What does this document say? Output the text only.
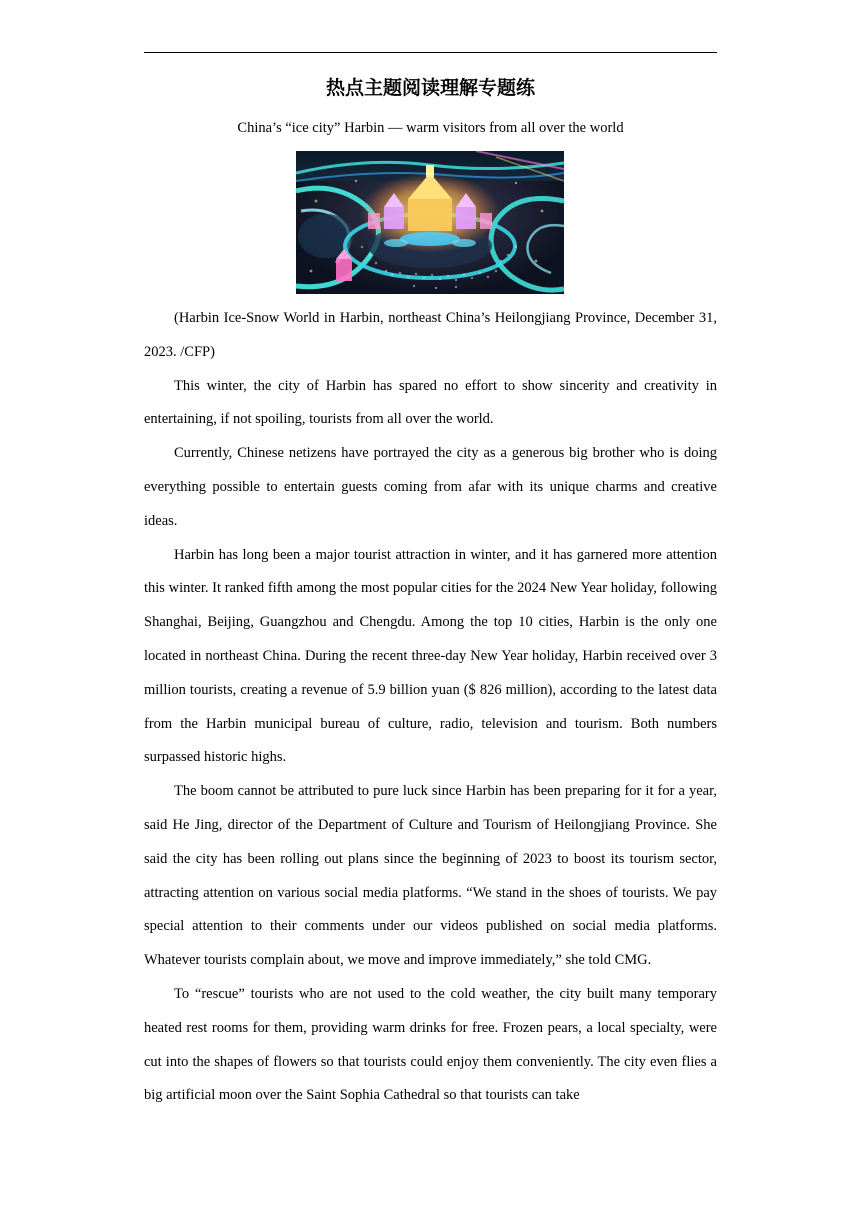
热点主题阅读理解专题练
China’s “ice city” Harbin — warm visitors from all over the world

(Harbin Ice-Snow World in Harbin, northeast China’s Heilongjiang Province, December 31, 2023. /CFP)

This winter, the city of Harbin has spared no effort to show sincerity and creativity in entertaining, if not spoiling, tourists from all over the world.

Currently, Chinese netizens have portrayed the city as a generous big brother who is doing everything possible to entertain guests coming from afar with its unique charms and creative ideas.

Harbin has long been a major tourist attraction in winter, and it has garnered more attention this winter. It ranked fifth among the most popular cities for the 2024 New Year holiday, following Shanghai, Beijing, Guangzhou and Chengdu. Among the top 10 cities, Harbin is the only one located in northeast China. During the recent three-day New Year holiday, Harbin received over 3 million tourists, creating a revenue of 5.9 billion yuan ($ 826 million), according to the latest data from the Harbin municipal bureau of culture, radio, television and tourism. Both numbers surpassed historic highs.

The boom cannot be attributed to pure luck since Harbin has been preparing for it for a year, said He Jing, director of the Department of Culture and Tourism of Heilongjiang Province. She said the city has been rolling out plans since the beginning of 2023 to boost its tourism sector, attracting attention on various social media platforms. “We stand in the shoes of tourists. We pay special attention to their comments under our videos published on social media platforms. Whatever tourists complain about, we move and improve immediately,” she told CMG.

To “rescue” tourists who are not used to the cold weather, the city built many temporary heated rest rooms for them, providing warm drinks for free. Frozen pears, a local specialty, were cut into the shapes of flowers so that tourists could enjoy them conveniently. The city even flies a big artificial moon over the Saint Sophia Cathedral so that tourists can take
